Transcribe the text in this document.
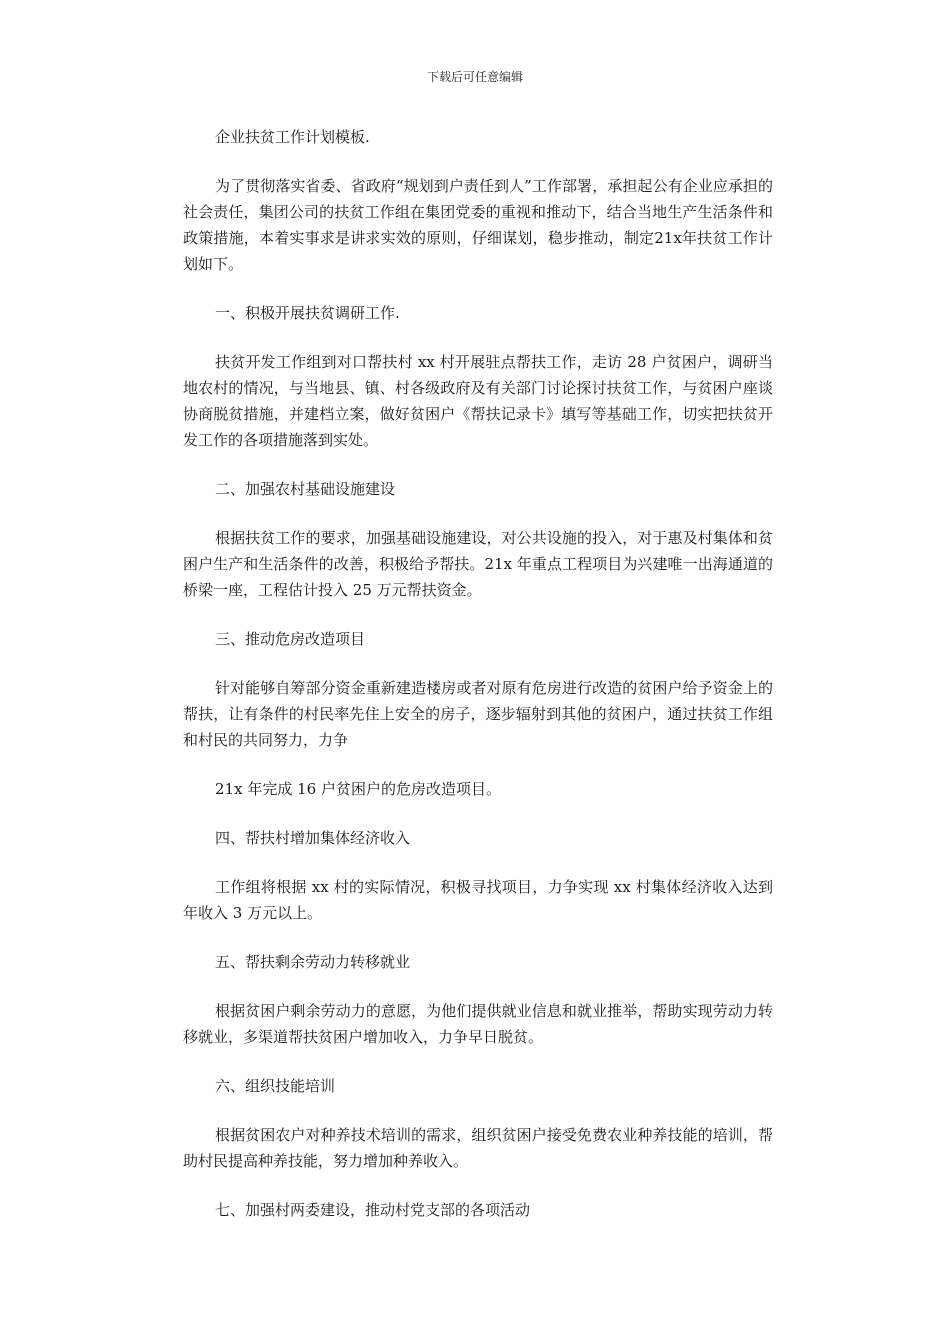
下载后可任意编辑

企业扶贫工作计划模板.

为了贯彻落实省委、省政府“规划到户责任到人”工作部署，承担起公有企业应承担的社会责任，集团公司的扶贫工作组在集团党委的重视和推动下，结合当地生产生活条件和政策措施，本着实事求是讲求实效的原则，仔细谋划，稳步推动，制定21x年扶贫工作计划如下。

一、积极开展扶贫调研工作.

扶贫开发工作组到对口帮扶村 xx 村开展驻点帮扶工作，走访 28 户贫困户，调研当地农村的情况，与当地县、镇、村各级政府及有关部门讨论探讨扶贫工作，与贫困户座谈协商脱贫措施，并建档立案，做好贫困户《帮扶记录卡》填写等基础工作，切实把扶贫开发工作的各项措施落到实处。

二、加强农村基础设施建设

根据扶贫工作的要求，加强基础设施建设，对公共设施的投入，对于惠及村集体和贫困户生产和生活条件的改善，积极给予帮扶。21x 年重点工程项目为兴建唯一出海通道的桥梁一座，工程估计投入 25 万元帮扶资金。

三、推动危房改造项目

针对能够自筹部分资金重新建造楼房或者对原有危房进行改造的贫困户给予资金上的帮扶，让有条件的村民率先住上安全的房子，逐步辐射到其他的贫困户，通过扶贫工作组和村民的共同努力，力争

21x 年完成 16 户贫困户的危房改造项目。

四、帮扶村增加集体经济收入

工作组将根据 xx 村的实际情况，积极寻找项目，力争实现 xx 村集体经济收入达到年收入 3 万元以上。

五、帮扶剩余劳动力转移就业

根据贫困户剩余劳动力的意愿，为他们提供就业信息和就业推举，帮助实现劳动力转移就业，多渠道帮扶贫困户增加收入，力争早日脱贫。

六、组织技能培训

根据贫困农户对种养技术培训的需求，组织贫困户接受免费农业种养技能的培训，帮助村民提高种养技能，努力增加种养收入。

七、加强村两委建设，推动村党支部的各项活动
